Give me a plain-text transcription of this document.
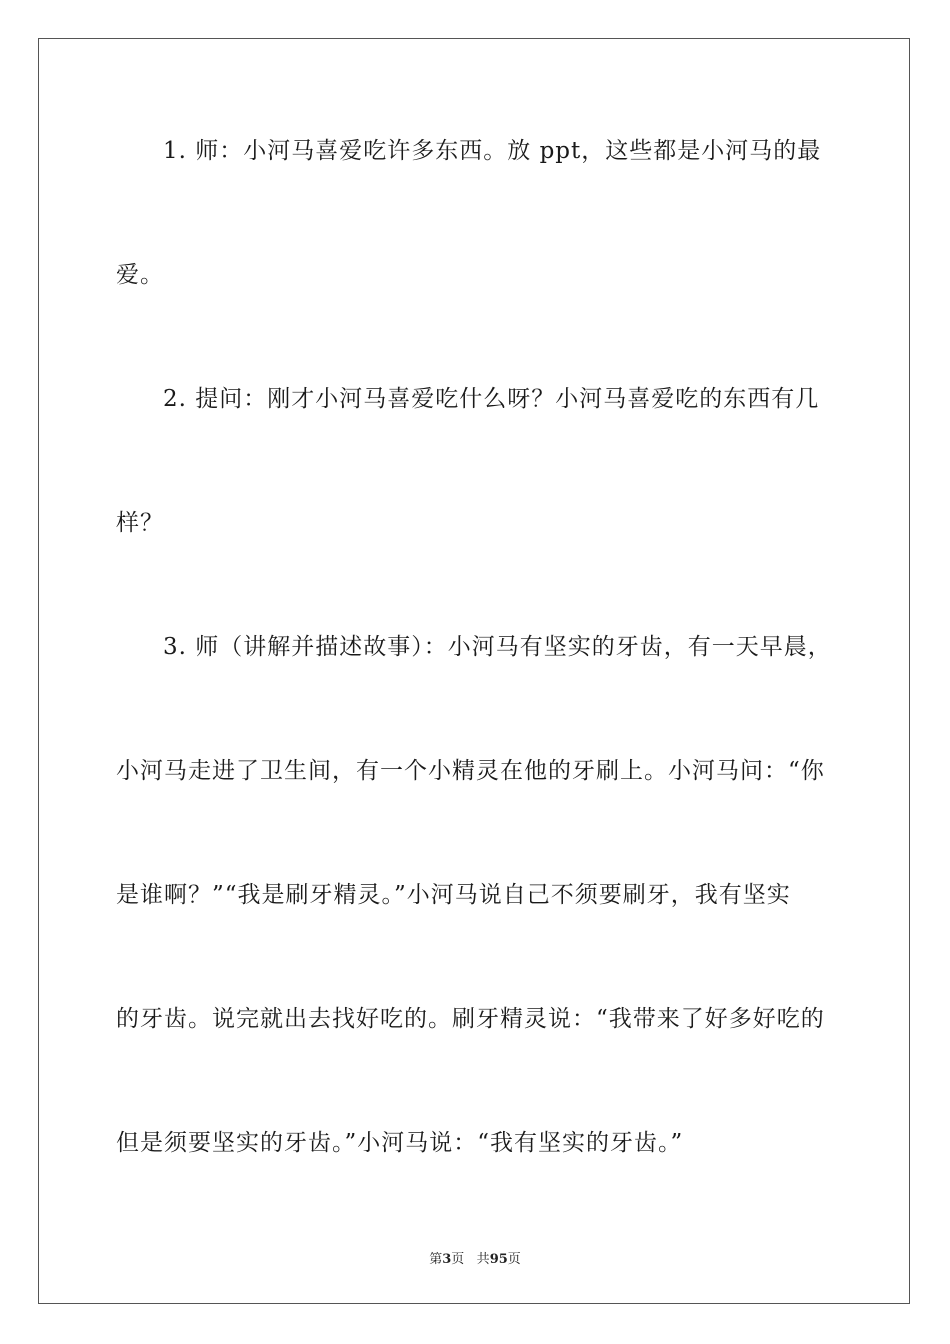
1. 师：小河马喜爱吃许多东西。放 ppt，这些都是小河马的最
爱。
2. 提问：刚才小河马喜爱吃什么呀？小河马喜爱吃的东西有几
样？
3. 师（讲解并描述故事）：小河马有坚实的牙齿，有一天早晨，
小河马走进了卫生间，有一个小精灵在他的牙刷上。小河马问：“你
是谁啊？”“我是刷牙精灵。”小河马说自己不须要刷牙，我有坚实
的牙齿。说完就出去找好吃的。刷牙精灵说：“我带来了好多好吃的
但是须要坚实的牙齿。”小河马说：“我有坚实的牙齿。”
第3页 共95页
